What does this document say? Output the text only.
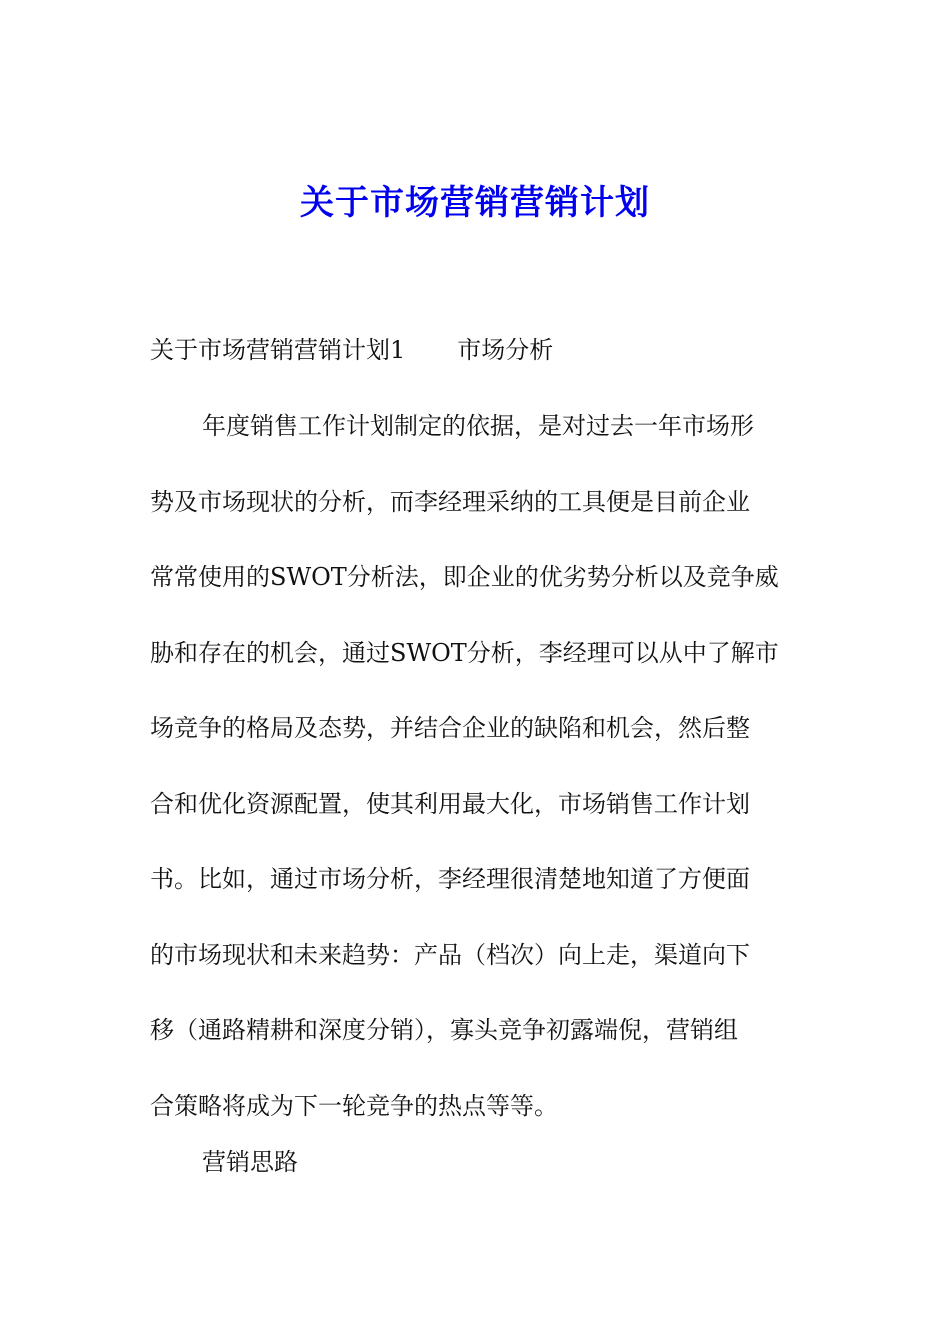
关于市场营销营销计划
关于市场营销营销计划1 市场分析
年度销售工作计划制定的依据，是对过去一年市场形
势及市场现状的分析，而李经理采纳的工具便是目前企业
常常使用的SWOT分析法，即企业的优劣势分析以及竞争威
胁和存在的机会，通过SWOT分析，李经理可以从中了解市
场竞争的格局及态势，并结合企业的缺陷和机会，然后整
合和优化资源配置，使其利用最大化，市场销售工作计划
书。比如，通过市场分析，李经理很清楚地知道了方便面
的市场现状和未来趋势：产品（档次）向上走，渠道向下
移（通路精耕和深度分销），寡头竞争初露端倪，营销组
合策略将成为下一轮竞争的热点等等。
营销思路
